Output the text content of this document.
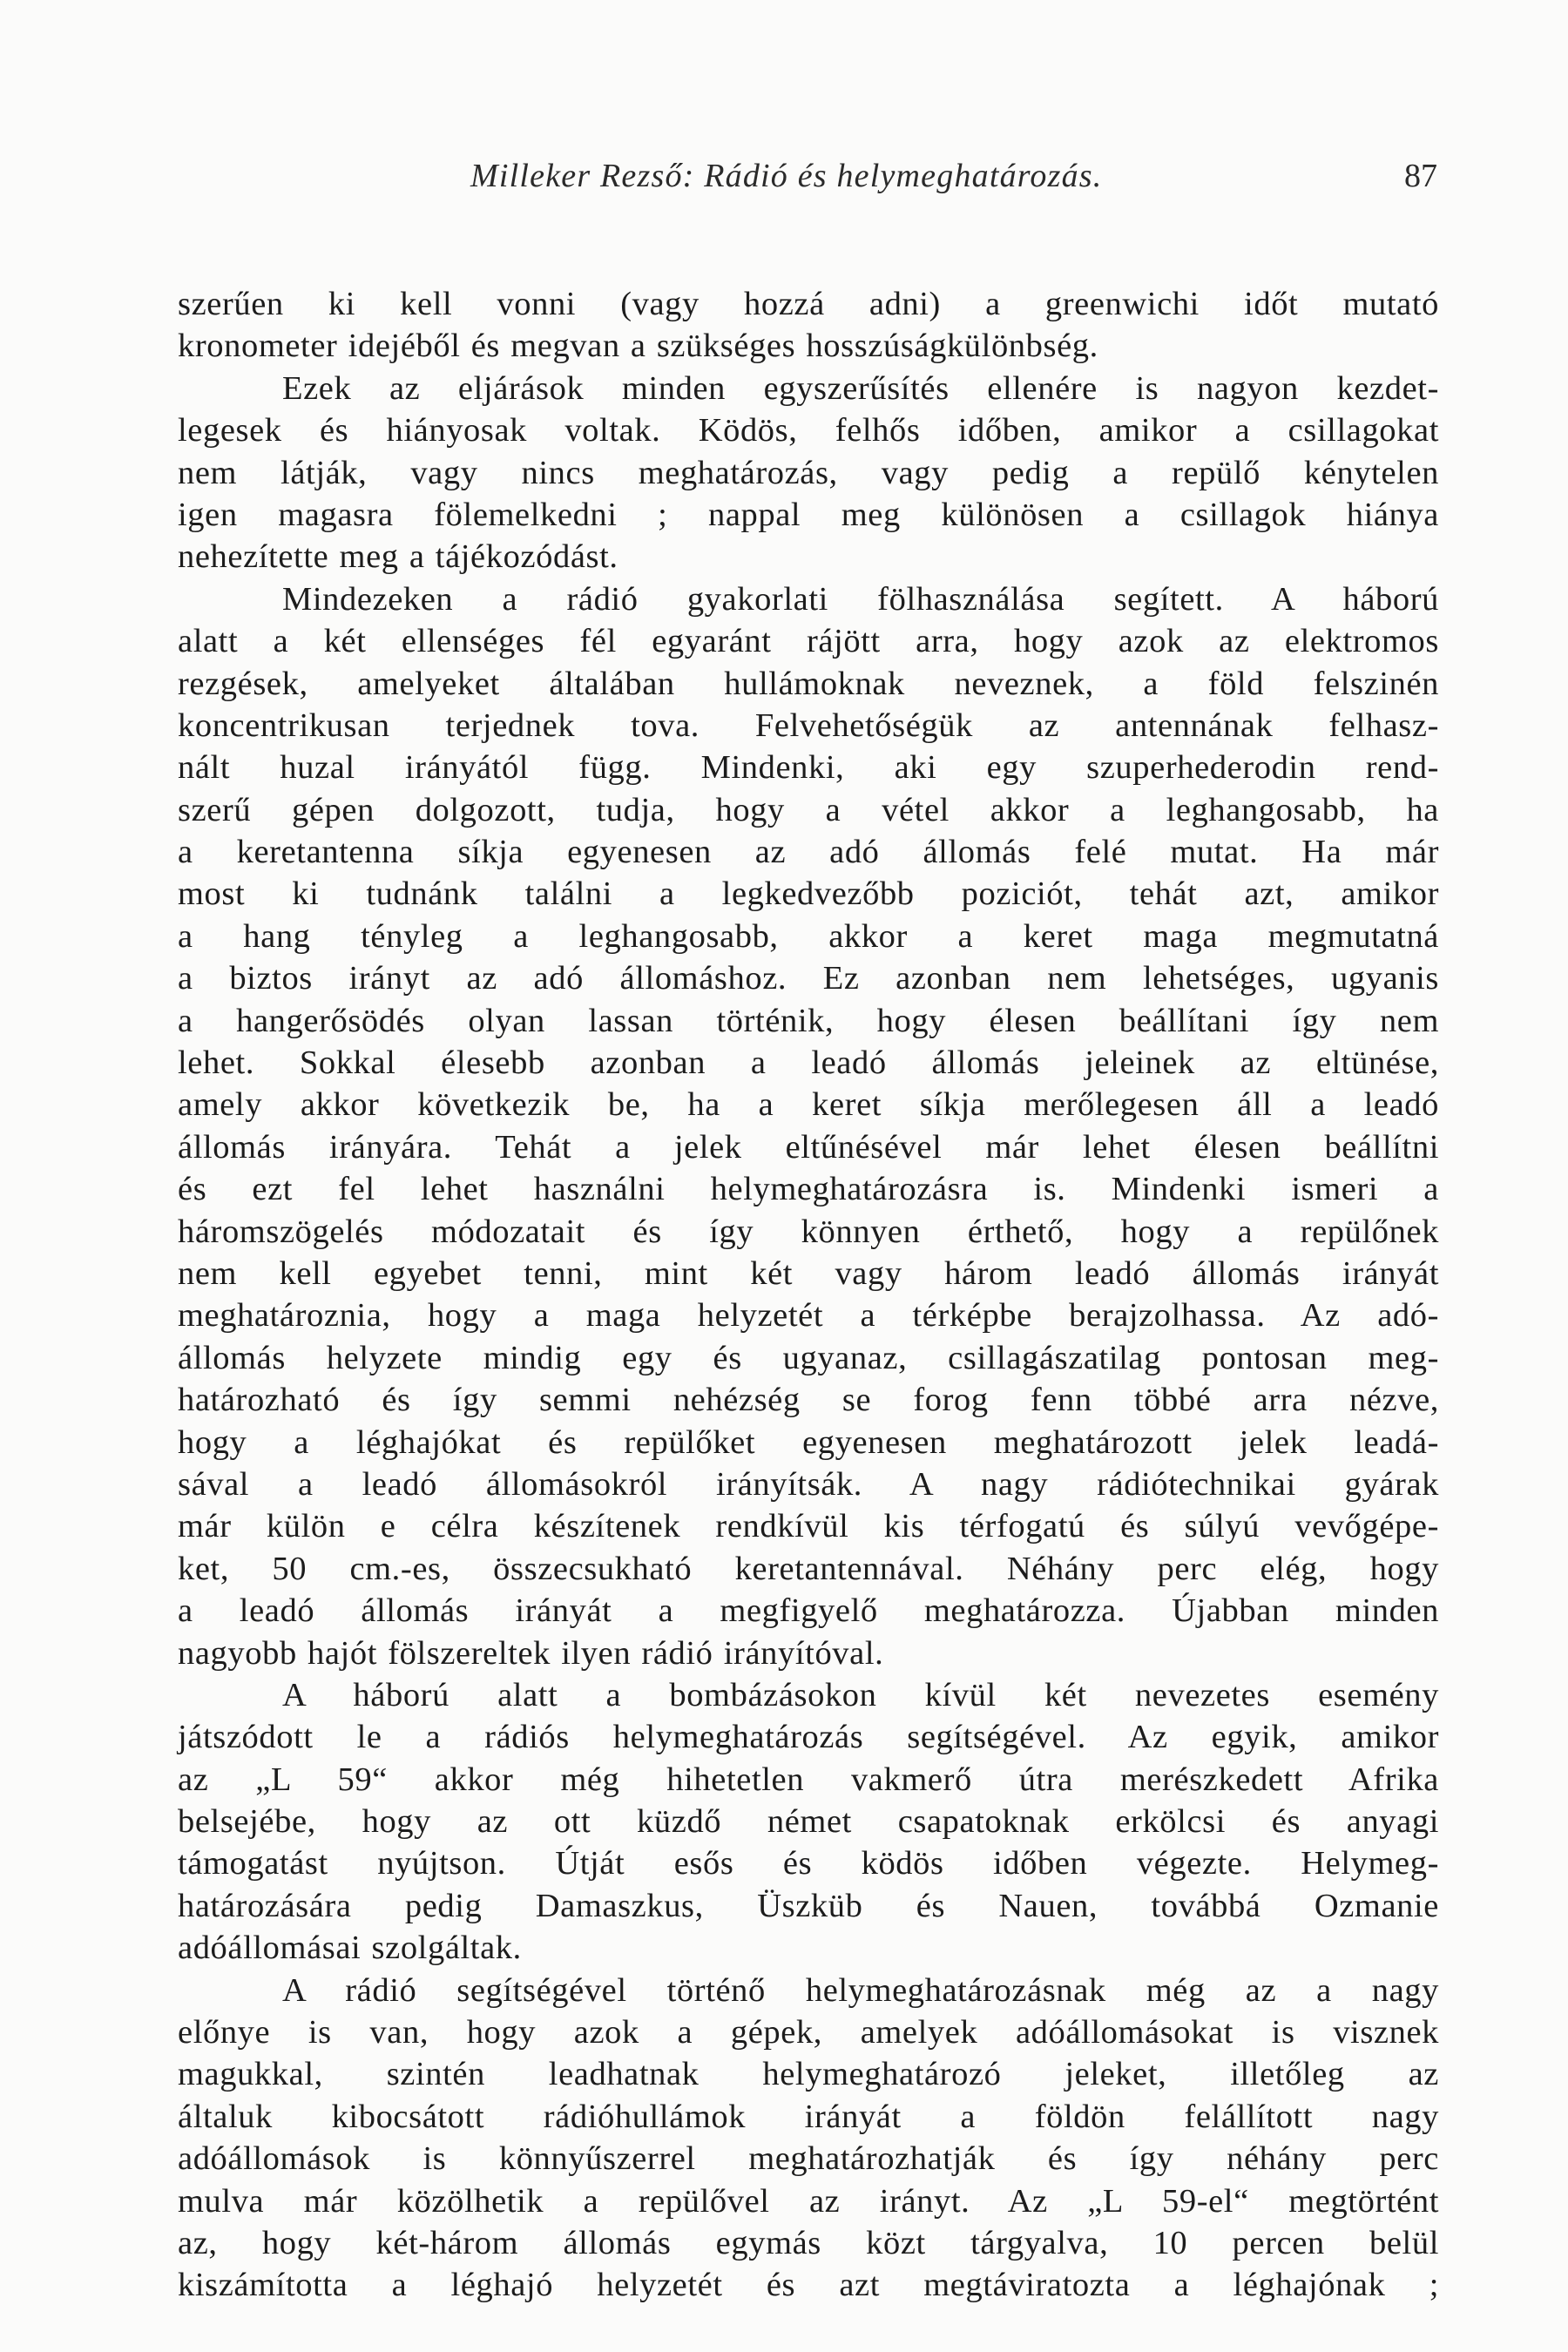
Milleker Rezső: Rádió és helymeghatározás.	87
szerűen ki kell vonni (vagy hozzá adni) a greenwichi időt mutató
kronometer idejéből és megvan a szükséges hosszúságkülönbség.
Ezek az eljárások minden egyszerűsítés ellenére is nagyon kezdet-
legesek és hiányosak voltak. Ködös, felhős időben, amikor a csillagokat
nem látják, vagy nincs meghatározás, vagy pedig a repülő kénytelen
igen magasra fölemelkedni ; nappal meg különösen a csillagok hiánya
nehezítette meg a tájékozódást.
Mindezeken a rádió gyakorlati fölhasználása segített. A háború
alatt a két ellenséges fél egyaránt rájött arra, hogy azok az elektromos
rezgések, amelyeket általában hullámoknak neveznek, a föld felszinén
koncentrikusan terjednek tova. Felvehetőségük az antennának felhasz-
nált huzal irányától függ. Mindenki, aki egy szuperhederodin rend-
szerű gépen dolgozott, tudja, hogy a vétel akkor a leghangosabb, ha
a keretantenna síkja egyenesen az adó állomás felé mutat. Ha már
most ki tudnánk találni a legkedvezőbb poziciót, tehát azt, amikor
a hang tényleg a leghangosabb, akkor a keret maga megmutatná
a biztos irányt az adó állomáshoz. Ez azonban nem lehetséges, ugyanis
a hangerősödés olyan lassan történik, hogy élesen beállítani így nem
lehet. Sokkal élesebb azonban a leadó állomás jeleinek az eltünése,
amely akkor következik be, ha a keret síkja merőlegesen áll a leadó
állomás irányára. Tehát a jelek eltűnésével már lehet élesen beállítni
és ezt fel lehet használni helymeghatározásra is. Mindenki ismeri a
háromszögelés módozatait és így könnyen érthető, hogy a repülőnek
nem kell egyebet tenni, mint két vagy három leadó állomás irányát
meghatároznia, hogy a maga helyzetét a térképbe berajzolhassa. Az adó-
állomás helyzete mindig egy és ugyanaz, csillagászatilag pontosan meg-
határozható és így semmi nehézség se forog fenn többé arra nézve,
hogy a léghajókat és repülőket egyenesen meghatározott jelek leadá-
sával a leadó állomásokról irányítsák. A nagy rádiótechnikai gyárak
már külön e célra készítenek rendkívül kis térfogatú és súlyú vevőgépe-
ket, 50 cm.-es, összecsukható keretantennával. Néhány perc elég, hogy
a leadó állomás irányát a megfigyelő meghatározza. Újabban minden
nagyobb hajót fölszereltek ilyen rádió irányítóval.
A háború alatt a bombázásokon kívül két nevezetes esemény
játszódott le a rádiós helymeghatározás segítségével. Az egyik, amikor
az „L 59“ akkor még hihetetlen vakmerő útra merészkedett Afrika
belsejébe, hogy az ott küzdő német csapatoknak erkölcsi és anyagi
támogatást nyújtson. Útját esős és ködös időben végezte. Helymeg-
határozására pedig Damaszkus, Üszküb és Nauen, továbbá Ozmanie
adóállomásai szolgáltak.
A rádió segítségével történő helymeghatározásnak még az a nagy
előnye is van, hogy azok a gépek, amelyek adóállomásokat is visznek
magukkal, szintén leadhatnak helymeghatározó jeleket, illetőleg az
általuk kibocsátott rádióhullámok irányát a földön felállított nagy
adóállomások is könnyűszerrel meghatározhatják és így néhány perc
mulva már közölhetik a repülővel az irányt. Az „L 59-el“ megtörtént
az, hogy két-három állomás egymás közt tárgyalva, 10 percen belül
kiszámította a léghajó helyzetét és azt megtáviratozta a léghajónak ;
